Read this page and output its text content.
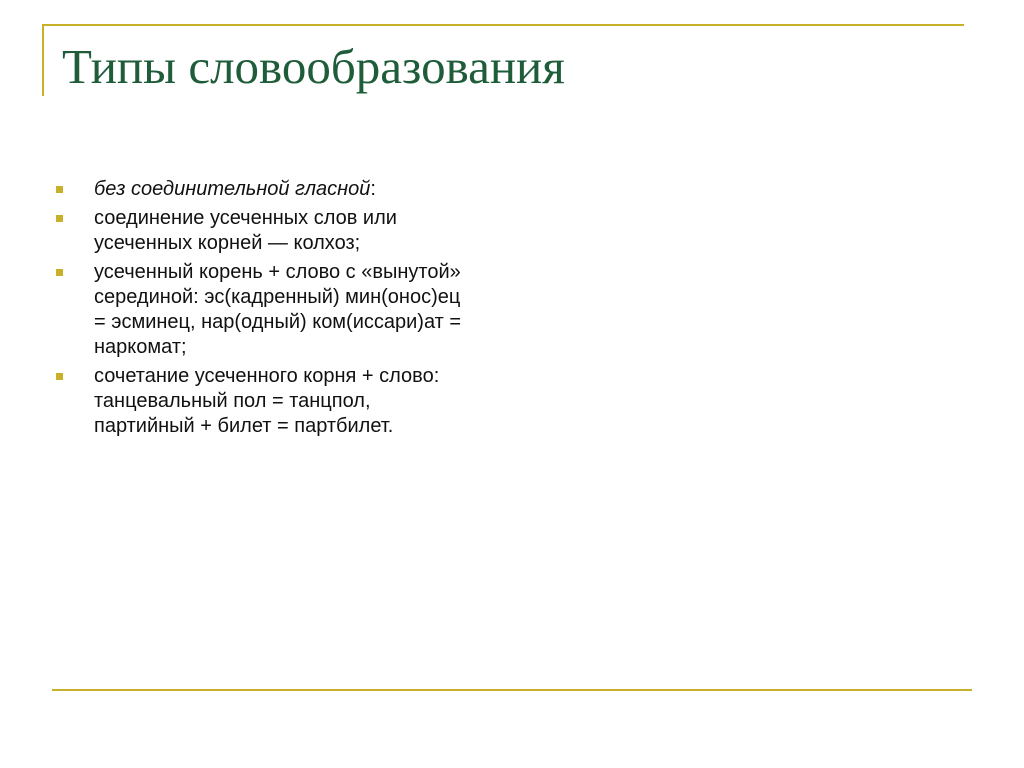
Типы словообразования
без соединительной гласной:
соединение усеченных слов или усеченных корней — колхоз;
усеченный корень + слово с «вынутой» серединой: эс(кадренный) мин(онос)ец = эсминец, нар(одный) ком(иссари)ат = наркомат;
сочетание усеченного корня + слово: танцевальный пол = танцпол, партийный + билет = партбилет.
